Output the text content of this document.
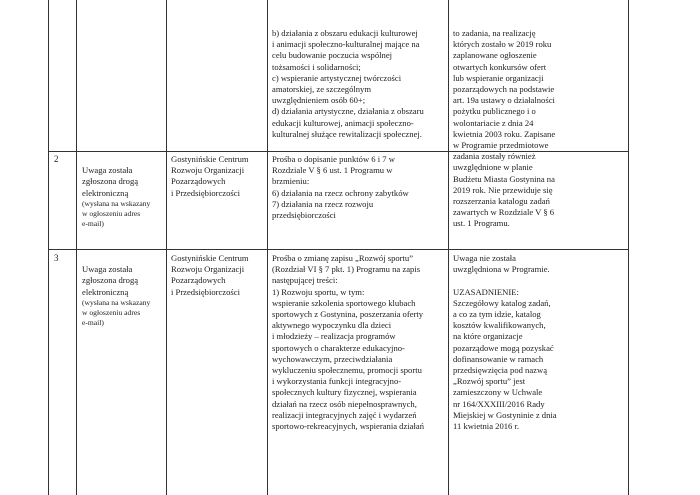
b) działania z obszaru edukacji kulturowej
i animacji społeczno-kulturalnej mające na
celu budowanie poczucia wspólnej
tożsamości i solidarności;
c) wspieranie artystycznej twórczości
amatorskiej, ze szczególnym
uwzględnieniem osób 60+;
d) działania artystyczne, działania z obszaru
edukacji kulturowej, animacji społeczno-
kulturalnej służące rewitalizacji społecznej.
to zadania, na realizację
których zostało w 2019 roku
zaplanowane ogłoszenie
otwartych konkursów ofert
lub wspieranie organizacji
pozarządowych na podstawie
art. 19a ustawy o działalności
pożytku publicznego i o
wolontariacie z dnia 24
kwietnia 2003 roku. Zapisane
w Programie przedmiotowe
zadania zostały również
uwzględnione w planie
Budżetu Miasta Gostynina na
2019 rok. Nie przewiduje się
rozszerzania katalogu zadań
zawartych w Rozdziale V § 6
ust. 1 Programu.
2

Uwaga została
zgłoszona drogą
elektroniczną

(wysłana na wskazany
w ogłoszeniu adres
e-mail)

Gostynińskie Centrum
Rozwoju Organizacji
Pozarządowych
i Przedsiębiorczości
Prośba o dopisanie punktów 6 i 7 w
Rozdziale V § 6 ust. 1 Programu w
brzmieniu:
6) działania na rzecz ochrony zabytków
7) działania na rzecz rozwoju
przedsiębiorczości
3

Uwaga została
zgłoszona drogą
elektroniczną

(wysłana na wskazany
w ogłoszeniu adres
e-mail)

Gostynińskie Centrum
Rozwoju Organizacji
Pozarządowych
i Przedsiębiorczości
Prośba o zmianę zapisu „Rozwój sportu”
(Rozdział VI § 7 pkt. 1) Programu na zapis
następującej treści:
1) Rozwoju sportu, w tym:
wspieranie szkolenia sportowego klubach
sportowych z Gostynina, poszerzania oferty
aktywnego wypoczynku dla dzieci
i młodzieży – realizacja programów
sportowych o charakterze edukacyjno-
wychowawczym, przeciwdziałania
wykluczeniu społecznemu, promocji sportu
i wykorzystania funkcji integracyjno-
społecznych kultury fizycznej, wspierania
działań na rzecz osób niepełnosprawnych,
realizacji integracyjnych zajęć i wydarzeń
sportowo-rekreacyjnych, wspierania działań
Uwaga nie została
uwzględniona w Programie.

UZASADNIENIE:
Szczegółowy katalog zadań,
a co za tym idzie, katalog
kosztów kwalifikowanych,
na które organizacje
pozarządowe mogą pozyskać
dofinansowanie w ramach
przedsięwzięcia pod nazwą
„Rozwój sportu” jest
zamieszczony w Uchwale
nr 164/XXXIII/2016 Rady
Miejskiej w Gostyninie z dnia
11 kwietnia 2016 r.
